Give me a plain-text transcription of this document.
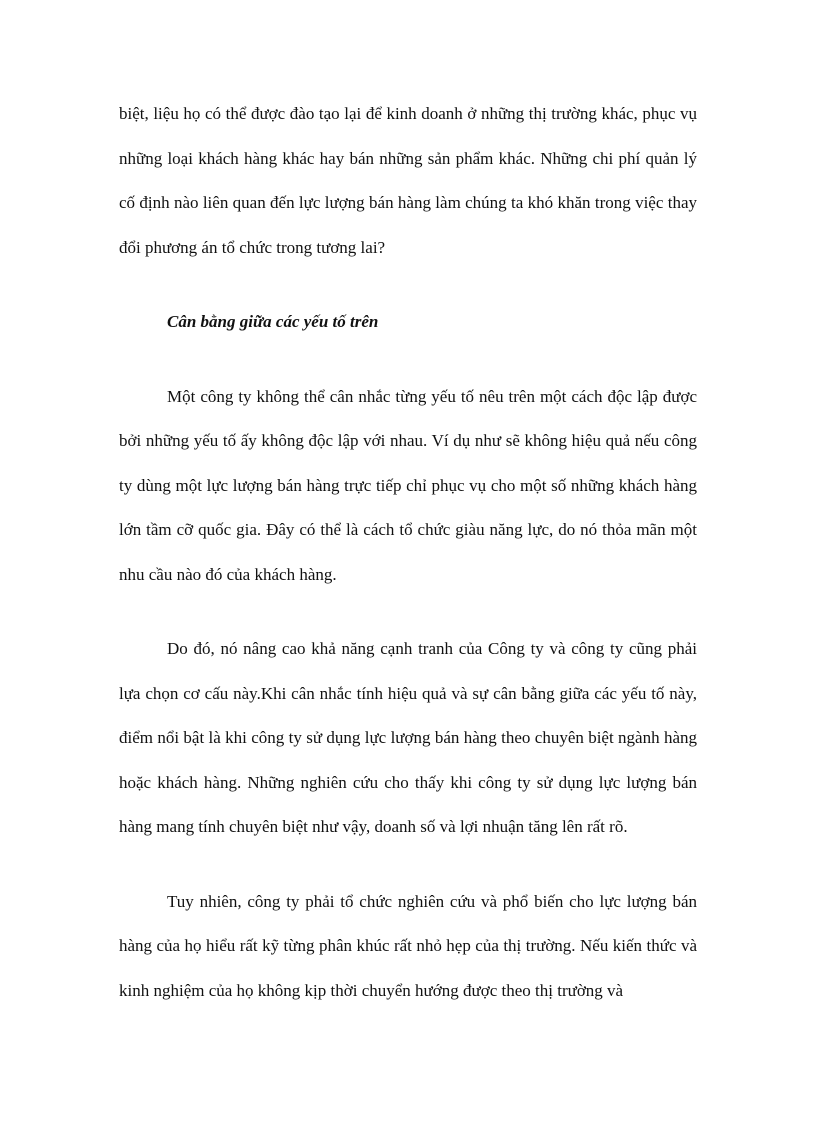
biệt, liệu họ có thể được đào tạo lại để kinh doanh ở những thị trường khác, phục vụ những loại khách hàng khác hay bán những sản phẩm khác. Những chi phí quản lý cố định nào liên quan đến lực lượng bán hàng làm chúng ta khó khăn trong việc thay đổi phương án tổ chức trong tương lai?

Cân bằng giữa các yếu tố trên

Một công ty không thể cân nhắc từng yếu tố nêu trên một cách độc lập được bởi những yếu tố ấy không độc lập với nhau. Ví dụ như sẽ không hiệu quả nếu công ty dùng một lực lượng bán hàng trực tiếp chỉ phục vụ cho một số những khách hàng lớn tầm cỡ quốc gia. Đây có thể là cách tổ chức giàu năng lực, do nó thỏa mãn một nhu cầu nào đó của khách hàng.

Do đó, nó nâng cao khả năng cạnh tranh của Công ty và công ty cũng phải lựa chọn cơ cấu này.Khi cân nhắc tính hiệu quả và sự cân bằng giữa các yếu tố này, điểm nổi bật là khi công ty sử dụng lực lượng bán hàng theo chuyên biệt ngành hàng hoặc khách hàng. Những nghiên cứu cho thấy khi công ty sử dụng lực lượng bán hàng mang tính chuyên biệt như vậy, doanh số và lợi nhuận tăng lên rất rõ.

Tuy nhiên, công ty phải tổ chức nghiên cứu và phổ biến cho lực lượng bán hàng của họ hiểu rất kỹ từng phân khúc rất nhỏ hẹp của thị trường. Nếu kiến thức và kinh nghiệm của họ không kịp thời chuyển hướng được theo thị trường và
